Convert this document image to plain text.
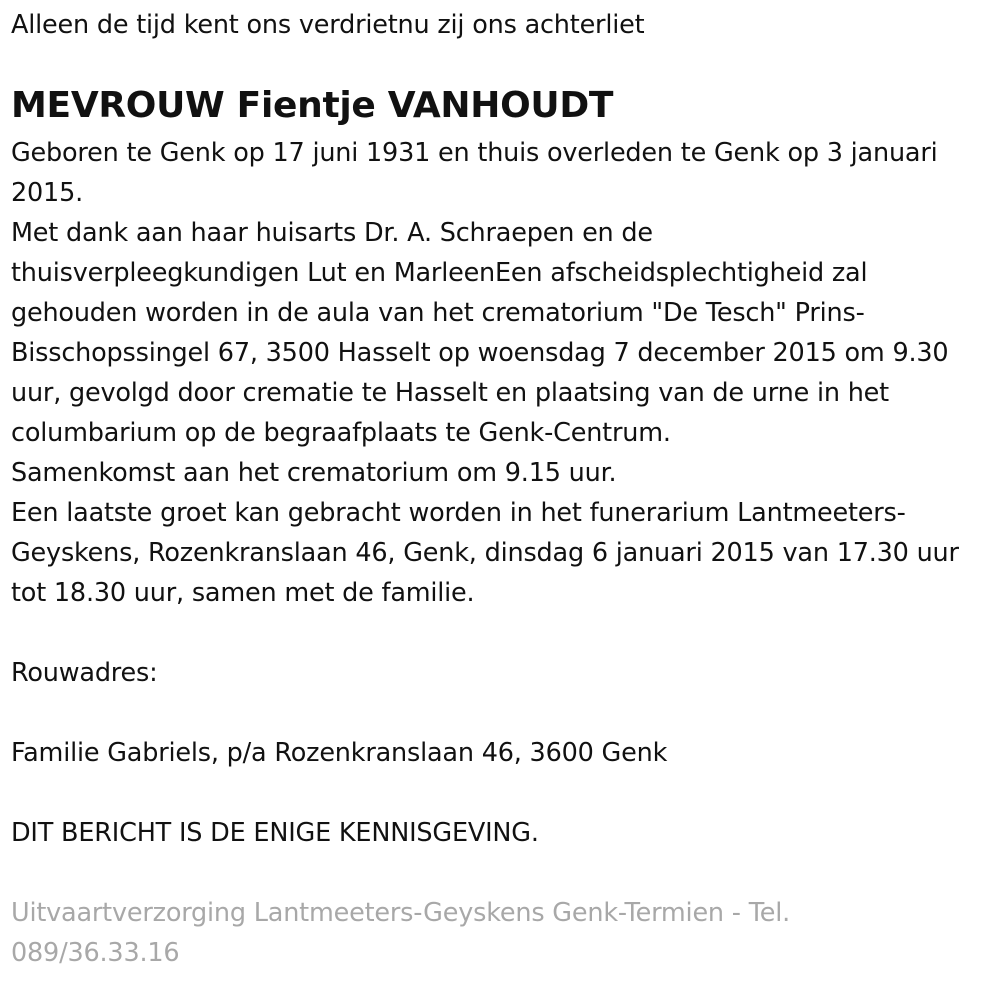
Alleen de tijd kent ons verdrietnu zij ons achterliet

MEVROUW Fientje VANHOUDT

Geboren te Genk op 17 juni 1931 en thuis overleden te Genk op 3 januari

2015.

Met dank aan haar huisarts Dr. A. Schraepen en de

thuisverpleegkundigen Lut en MarleenEen afscheidsplechtigheid zal

gehouden worden in de aula van het crematorium "De Tesch" Prins-

Bisschopssingel 67, 3500 Hasselt op woensdag 7 december 2015 om 9.30

uur, gevolgd door crematie te Hasselt en plaatsing van de urne in het

columbarium op de begraafplaats te Genk-Centrum.

Samenkomst aan het crematorium om 9.15 uur.

Een laatste groet kan gebracht worden in het funerarium Lantmeeters-

Geyskens, Rozenkranslaan 46, Genk, dinsdag 6 januari 2015 van 17.30 uur

tot 18.30 uur, samen met de familie.

Rouwadres:

Familie Gabriels, p/a Rozenkranslaan 46, 3600 Genk

DIT BERICHT IS DE ENIGE KENNISGEVING.

Uitvaartverzorging Lantmeeters-Geyskens Genk-Termien - Tel.

089/36.33.16
